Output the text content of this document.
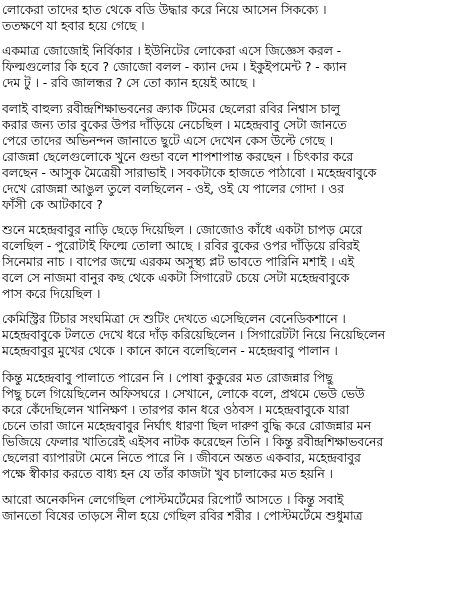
লোকেরা তাদের হাত থেকে বডি উদ্ধার করে নিয়ে আসেন সিকক্যে ।
ততক্ষণে যা হবার হয়ে গেছে ।
একমাত্র জোজোই নির্বিকার । ইউনিটের লোকেরা এসে জিজ্ঞেস করল -
ফিল্মগুলোর কি হবে ? জোজো বলল - ক্যান দেম । ইকুইপমেন্ট ? - ক্যান
দেম টু । - রবি জালন্ধর ? সে তো ক্যান হয়েই আছে ।
বলাই বাহুল্য রবীন্দ্রশিক্ষাভবনের ক্র্যাক টিমের ছেলেরা রবির নিশ্বাস চালু
করার জন্য তার বুকের উপর দাঁড়িয়ে নেচেছিল । মহেন্দ্রবাবু সেটা জানতে
পেরে তাদের অভিনন্দন জানাতে ছুটে এসে দেখেন কেস উল্টে গেছে ।
রোজন্না ছেলেগুলোকে খুনে গুন্ডা বলে শাপশাপান্ত করছেন । চিৎকার করে
বলছেন - আসুক মৈত্রেয়ী সারাভাই । সবকটাকে হাজতে পাঠাবো । মহেন্দ্রবাবুকে
দেখে রোজন্না আঙুল তুলে বলছিলেন - ওই, ওই যে পালের গোদা । ওর
ফাঁসী কে আটকাবে ?
শুনে মহেন্দ্রবাবুর নাড়ি ছেড়ে দিয়েছিল । জোজোও কাঁধে একটা চাপড় মেরে
বলেছিল - পুরোটাই ফিল্মে তোলা আছে । রবির বুকের ওপর দাঁড়িয়ে রবিরই
সিনেমার নাচ । বাপের জন্মে এরকম অসুস্থ্য প্লট ভাবতে পারিনি মশাই । এই
বলে সে নাজমা বানুর কছ থেকে একটা সিগারেট চেয়ে সেটা মহেন্দ্রবাবুকে
পাস করে দিয়েছিল ।
কেমিস্ট্রির টিচার সংঘমিত্রা দে শুটিং দেখতে এসেছিলেন বেনেডিকশানে ।
মহেন্দ্রবাবুকে টলতে দেখে ধরে দাঁড় করিয়েছিলেন । সিগারেটটা নিয়ে নিয়েছিলেন
মহেন্দ্রবাবুর মুখের থেকে । কানে কানে বলেছিলেন - মহেন্দ্রবাবু পালান ।
কিন্তু মহেন্দ্রবাবু পালাতে পারেন নি । পোষা কুকুরের মত রোজন্নার পিছু
পিছু চলে গিয়েছিলেন অফিসঘরে । সেখানে, লোকে বলে, প্রথমে ভেউ ভেউ
করে কেঁদেছিলেন খানিক্ষণ । তারপর কান ধরে ওঠবস । মহেন্দ্রবাবুকে যারা
চেনে তারা জানে মহেন্দ্রবাবুর নির্ঘাৎ ধারণা ছিল দারুণ বুদ্ধি করে রোজন্নার মন
ভিজিয়ে ফেলার খাতিরেই এইসব নাটক করেছেন তিনি । কিন্তু রবীন্দ্রশিক্ষাভবনের
ছেলেরা ব্যাপারটা মেনে নিতে পারে নি । জীবনে অন্তত একবার, মহেন্দ্রবাবুর
পক্ষে স্বীকার করতে বাধ্য হন যে তাঁর কাজটা খুব চালাকের মত হয়নি ।
আরো অনেকদিন লেগেছিল পোস্টমর্টেমের রিপোর্ট আসতে । কিন্তু সবাই
জানতো বিষের তাড়সে নীল হয়ে গেছিল রবির শরীর । পোস্টমর্টেমে শুধুমাত্র
